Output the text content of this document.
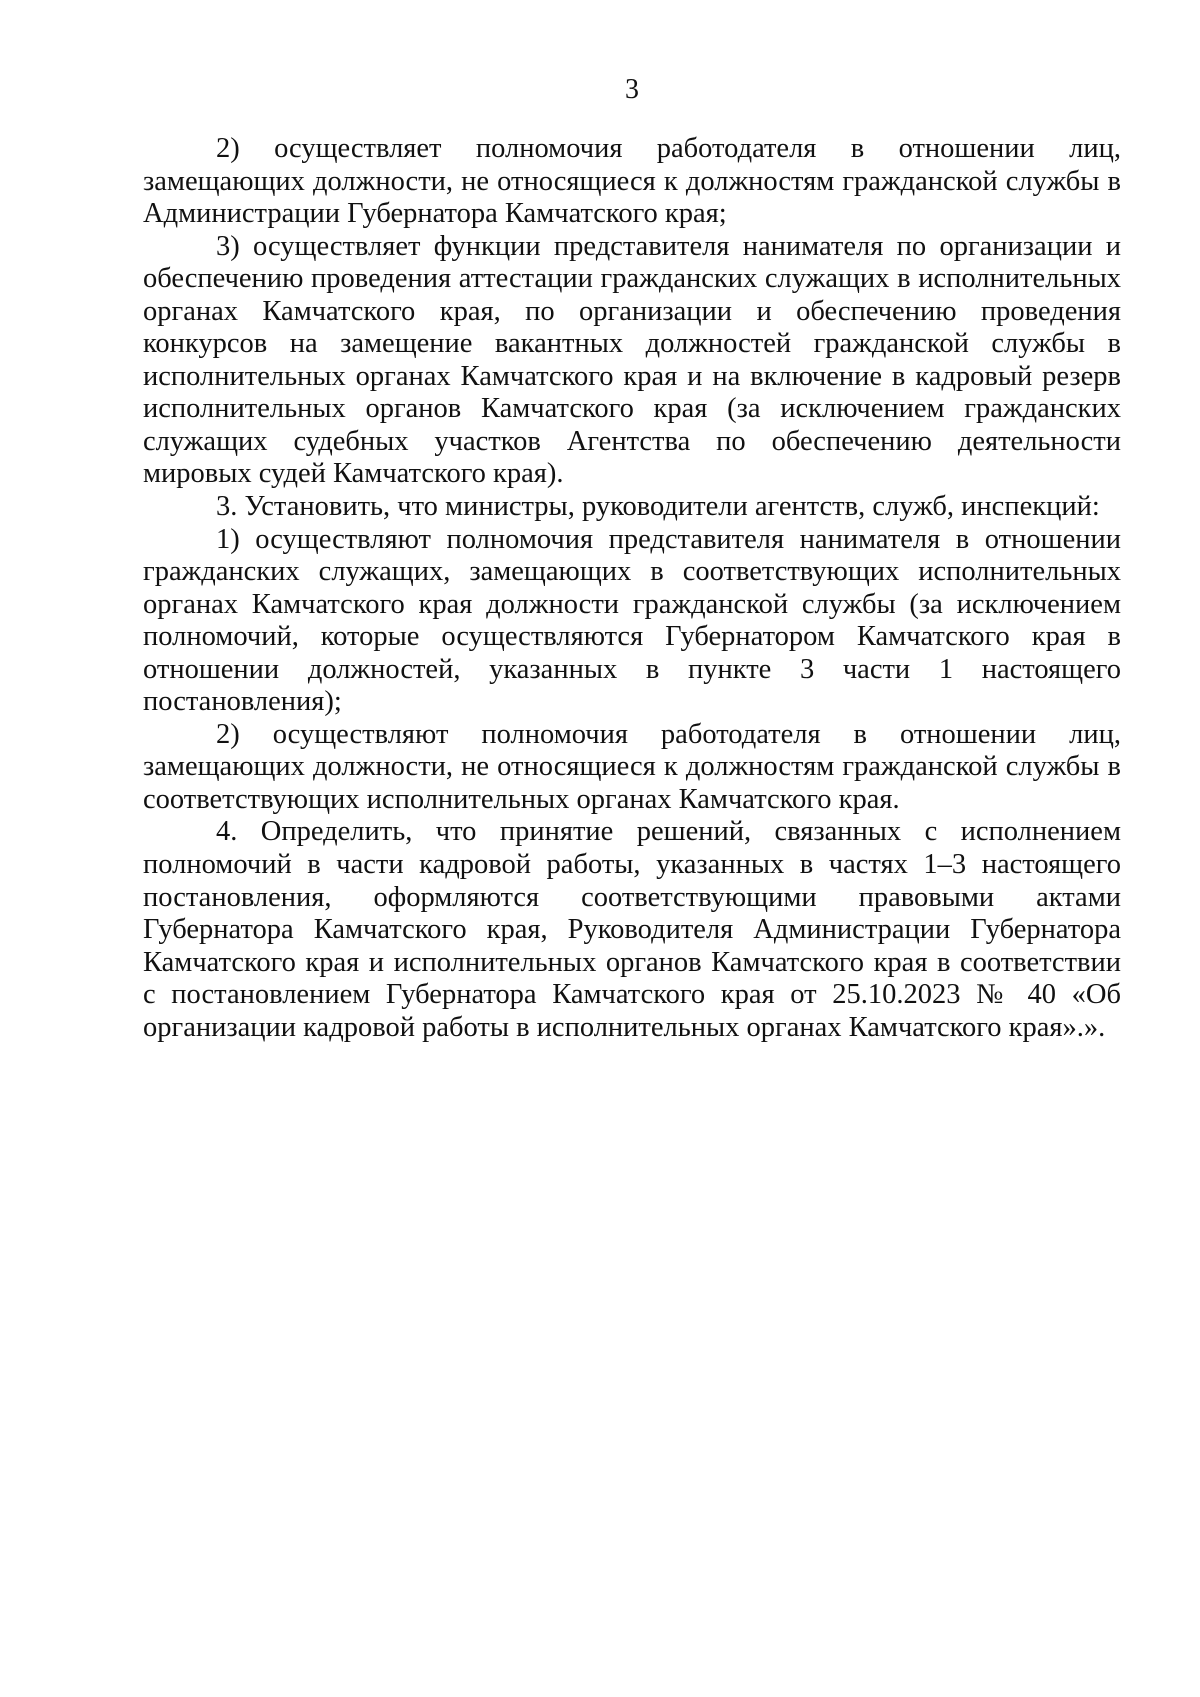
3

2) осуществляет полномочия работодателя в отношении лиц, замещающих должности, не относящиеся к должностям гражданской службы в Администрации Губернатора Камчатского края;

3) осуществляет функции представителя нанимателя по организации и обеспечению проведения аттестации гражданских служащих в исполнительных органах Камчатского края, по организации и обеспечению проведения конкурсов на замещение вакантных должностей гражданской службы в исполнительных органах Камчатского края и на включение в кадровый резерв исполнительных органов Камчатского края (за исключением гражданских служащих судебных участков Агентства по обеспечению деятельности мировых судей Камчатского края).

3. Установить, что министры, руководители агентств, служб, инспекций:

1) осуществляют полномочия представителя нанимателя в отношении гражданских служащих, замещающих в соответствующих исполнительных органах Камчатского края должности гражданской службы (за исключением полномочий, которые осуществляются Губернатором Камчатского края в отношении должностей, указанных в пункте 3 части 1 настоящего постановления);

2) осуществляют полномочия работодателя в отношении лиц, замещающих должности, не относящиеся к должностям гражданской службы в соответствующих исполнительных органах Камчатского края.

4. Определить, что принятие решений, связанных с исполнением полномочий в части кадровой работы, указанных в частях 1–3 настоящего постановления, оформляются соответствующими правовыми актами Губернатора Камчатского края, Руководителя Администрации Губернатора Камчатского края и исполнительных органов Камчатского края в соответствии с постановлением Губернатора Камчатского края от 25.10.2023 № 40 «Об организации кадровой работы в исполнительных органах Камчатского края».».
